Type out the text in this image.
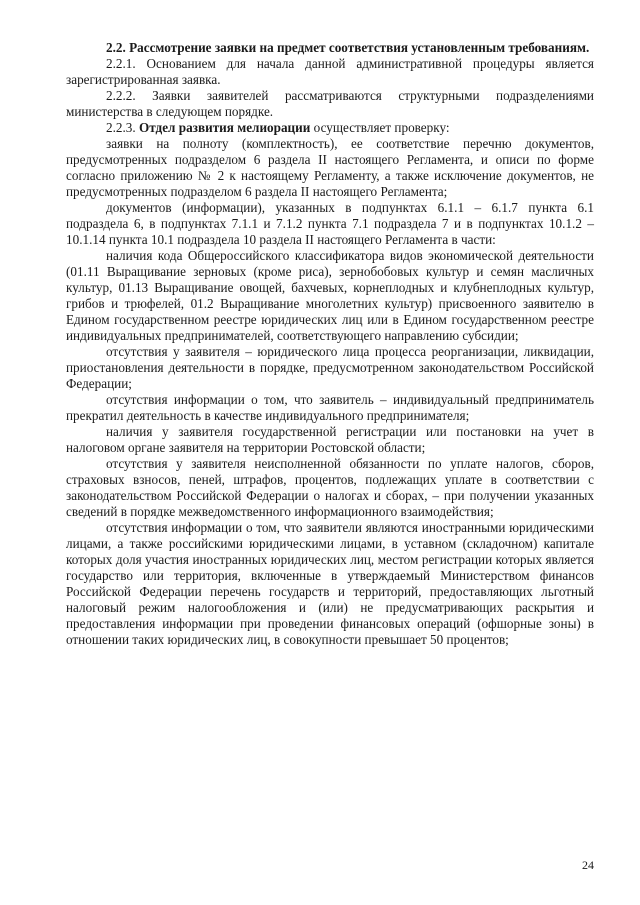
2.2. Рассмотрение заявки на предмет соответствия установленным требованиям.

2.2.1. Основанием для начала данной административной процедуры является зарегистрированная заявка.

2.2.2. Заявки заявителей рассматриваются структурными подразделениями министерства в следующем порядке.

2.2.3. Отдел развития мелиорации осуществляет проверку:

заявки на полноту (комплектность), ее соответствие перечню документов, предусмотренных подразделом 6 раздела II настоящего Регламента, и описи по форме согласно приложению № 2 к настоящему Регламенту, а также исключение документов, не предусмотренных подразделом 6 раздела II настоящего Регламента;

документов (информации), указанных в подпунктах 6.1.1 – 6.1.7 пункта 6.1 подраздела 6, в подпунктах 7.1.1 и 7.1.2 пункта 7.1 подраздела 7 и в подпунктах 10.1.2 – 10.1.14 пункта 10.1 подраздела 10 раздела II настоящего Регламента в части:

наличия кода Общероссийского классификатора видов экономической деятельности (01.11 Выращивание зерновых (кроме риса), зернобобовых культур и семян масличных культур, 01.13 Выращивание овощей, бахчевых, корнеплодных и клубнеплодных культур, грибов и трюфелей, 01.2 Выращивание многолетних культур) присвоенного заявителю в Едином государственном реестре юридических лиц или в Едином государственном реестре индивидуальных предпринимателей, соответствующего направлению субсидии;

отсутствия у заявителя – юридического лица процесса реорганизации, ликвидации, приостановления деятельности в порядке, предусмотренном законодательством Российской Федерации;

отсутствия информации о том, что заявитель – индивидуальный предприниматель прекратил деятельность в качестве индивидуального предпринимателя;

наличия у заявителя государственной регистрации или постановки на учет в налоговом органе заявителя на территории Ростовской области;

отсутствия у заявителя неисполненной обязанности по уплате налогов, сборов, страховых взносов, пеней, штрафов, процентов, подлежащих уплате в соответствии с законодательством Российской Федерации о налогах и сборах, – при получении указанных сведений в порядке межведомственного информационного взаимодействия;

отсутствия информации о том, что заявители являются иностранными юридическими лицами, а также российскими юридическими лицами, в уставном (складочном) капитале которых доля участия иностранных юридических лиц, местом регистрации которых является государство или территория, включенные в утверждаемый Министерством финансов Российской Федерации перечень государств и территорий, предоставляющих льготный налоговый режим налогообложения и (или) не предусматривающих раскрытия и предоставления информации при проведении финансовых операций (офшорные зоны) в отношении таких юридических лиц, в совокупности превышает 50 процентов;

24
